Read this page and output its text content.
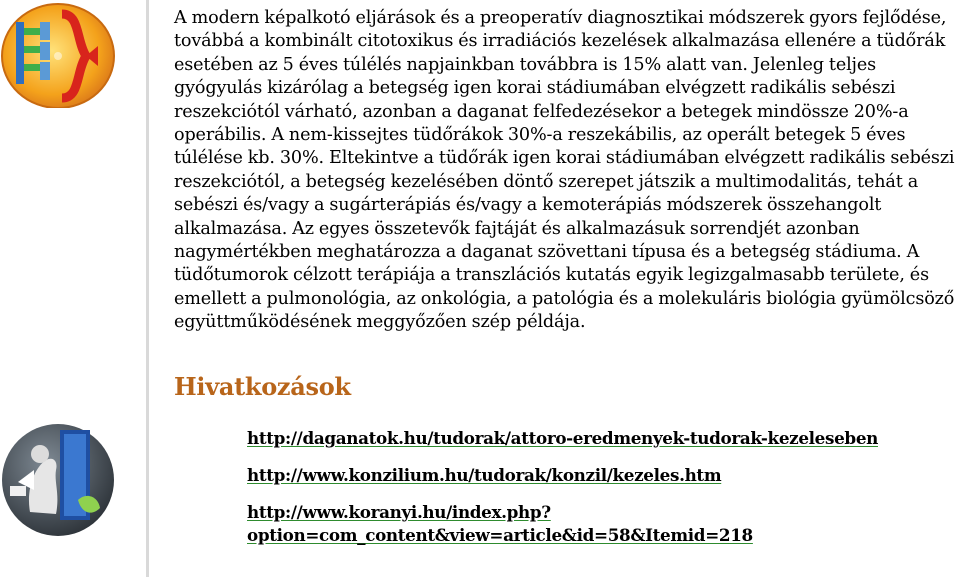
A modern képalkotó eljárások és a preoperatív diagnosztikai módszerek gyors fejlődése, továbbá a kombinált citotoxikus és irradiációs kezelések alkalmazása ellenére a tüdőrák esetében az 5 éves túlélés napjainkban továbbra is 15% alatt van. Jelenleg teljes gyógyulás kizárólag a betegség igen korai stádiumában elvégzett radikális sebészi reszekciótól várható, azonban a daganat felfedezésekor a betegek mindössze 20%-a operábilis. A nem-kissejtes tüdőrákok 30%-a reszekábilis, az operált betegek 5 éves túlélése kb. 30%. Eltekintve a tüdőrák igen korai stádiumában elvégzett radikális sebészi reszekciótól, a betegség kezelésében döntő szerepet játszik a multimodalitás, tehát a sebészi és/vagy a sugárterápiás és/vagy a kemoterápiás módszerek összehangolt alkalmazása. Az egyes összetevők fajtáját és alkalmazásuk sorrendjét azonban nagymértékben meghatározza a daganat szövettani típusa és a betegség stádiuma. A tüdőtumorok célzott terápiája a transzlációs kutatás egyik legizgalmasabb területe, és emellett a pulmonológia, az onkológia, a patológia és a molekuláris biológia gyümölcsöző együttműködésének meggyőzően szép példája.

Hivatkozások
http://daganatok.hu/tudorak/attoro-eredmenyek-tudorak-kezeleseben
http://www.konzilium.hu/tudorak/konzil/kezeles.htm
http://www.koranyi.hu/index.php?
option=com_content&view=article&id=58&Itemid=218
